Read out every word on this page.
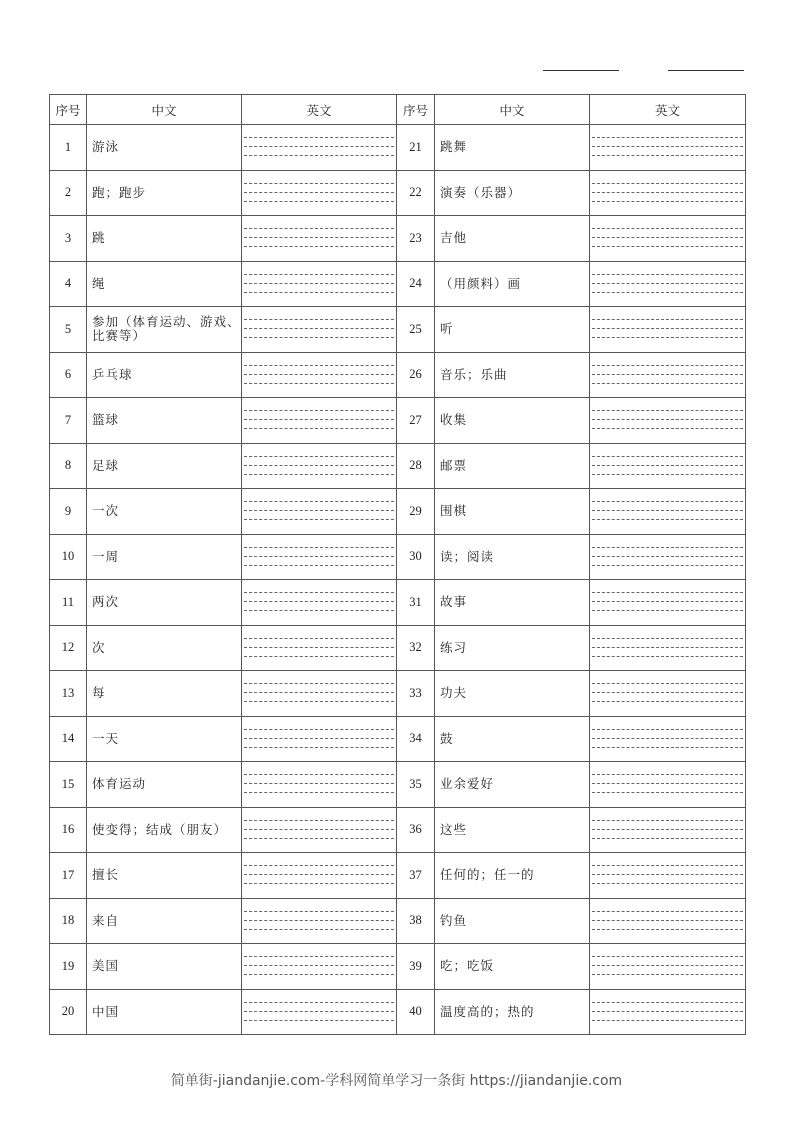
序号	中文	英文	序号	中文	英文
1	游泳		21	跳舞	

2	跑；跑步		22	演奏（乐器）	

3	跳		23	吉他	

4	绳		24	（用颜料）画	

5	参加（体育运动、游戏、比赛等）		25	听	

6	乒乓球		26	音乐；乐曲	

7	篮球		27	收集	

8	足球		28	邮票	

9	一次		29	围棋	

10	一周		30	读；阅读	

11	两次		31	故事	

12	次		32	练习	

13	每		33	功夫	

14	一天		34	鼓	

15	体育运动		35	业余爱好	

16	使变得；结成（朋友）		36	这些	

17	擅长		37	任何的；任一的	

18	来自		38	钓鱼	

19	美国		39	吃；吃饭	

20	中国		40	温度高的；热的	
简单街-jiandanjie.com-学科网简单学习一条街 https://jiandanjie.com
